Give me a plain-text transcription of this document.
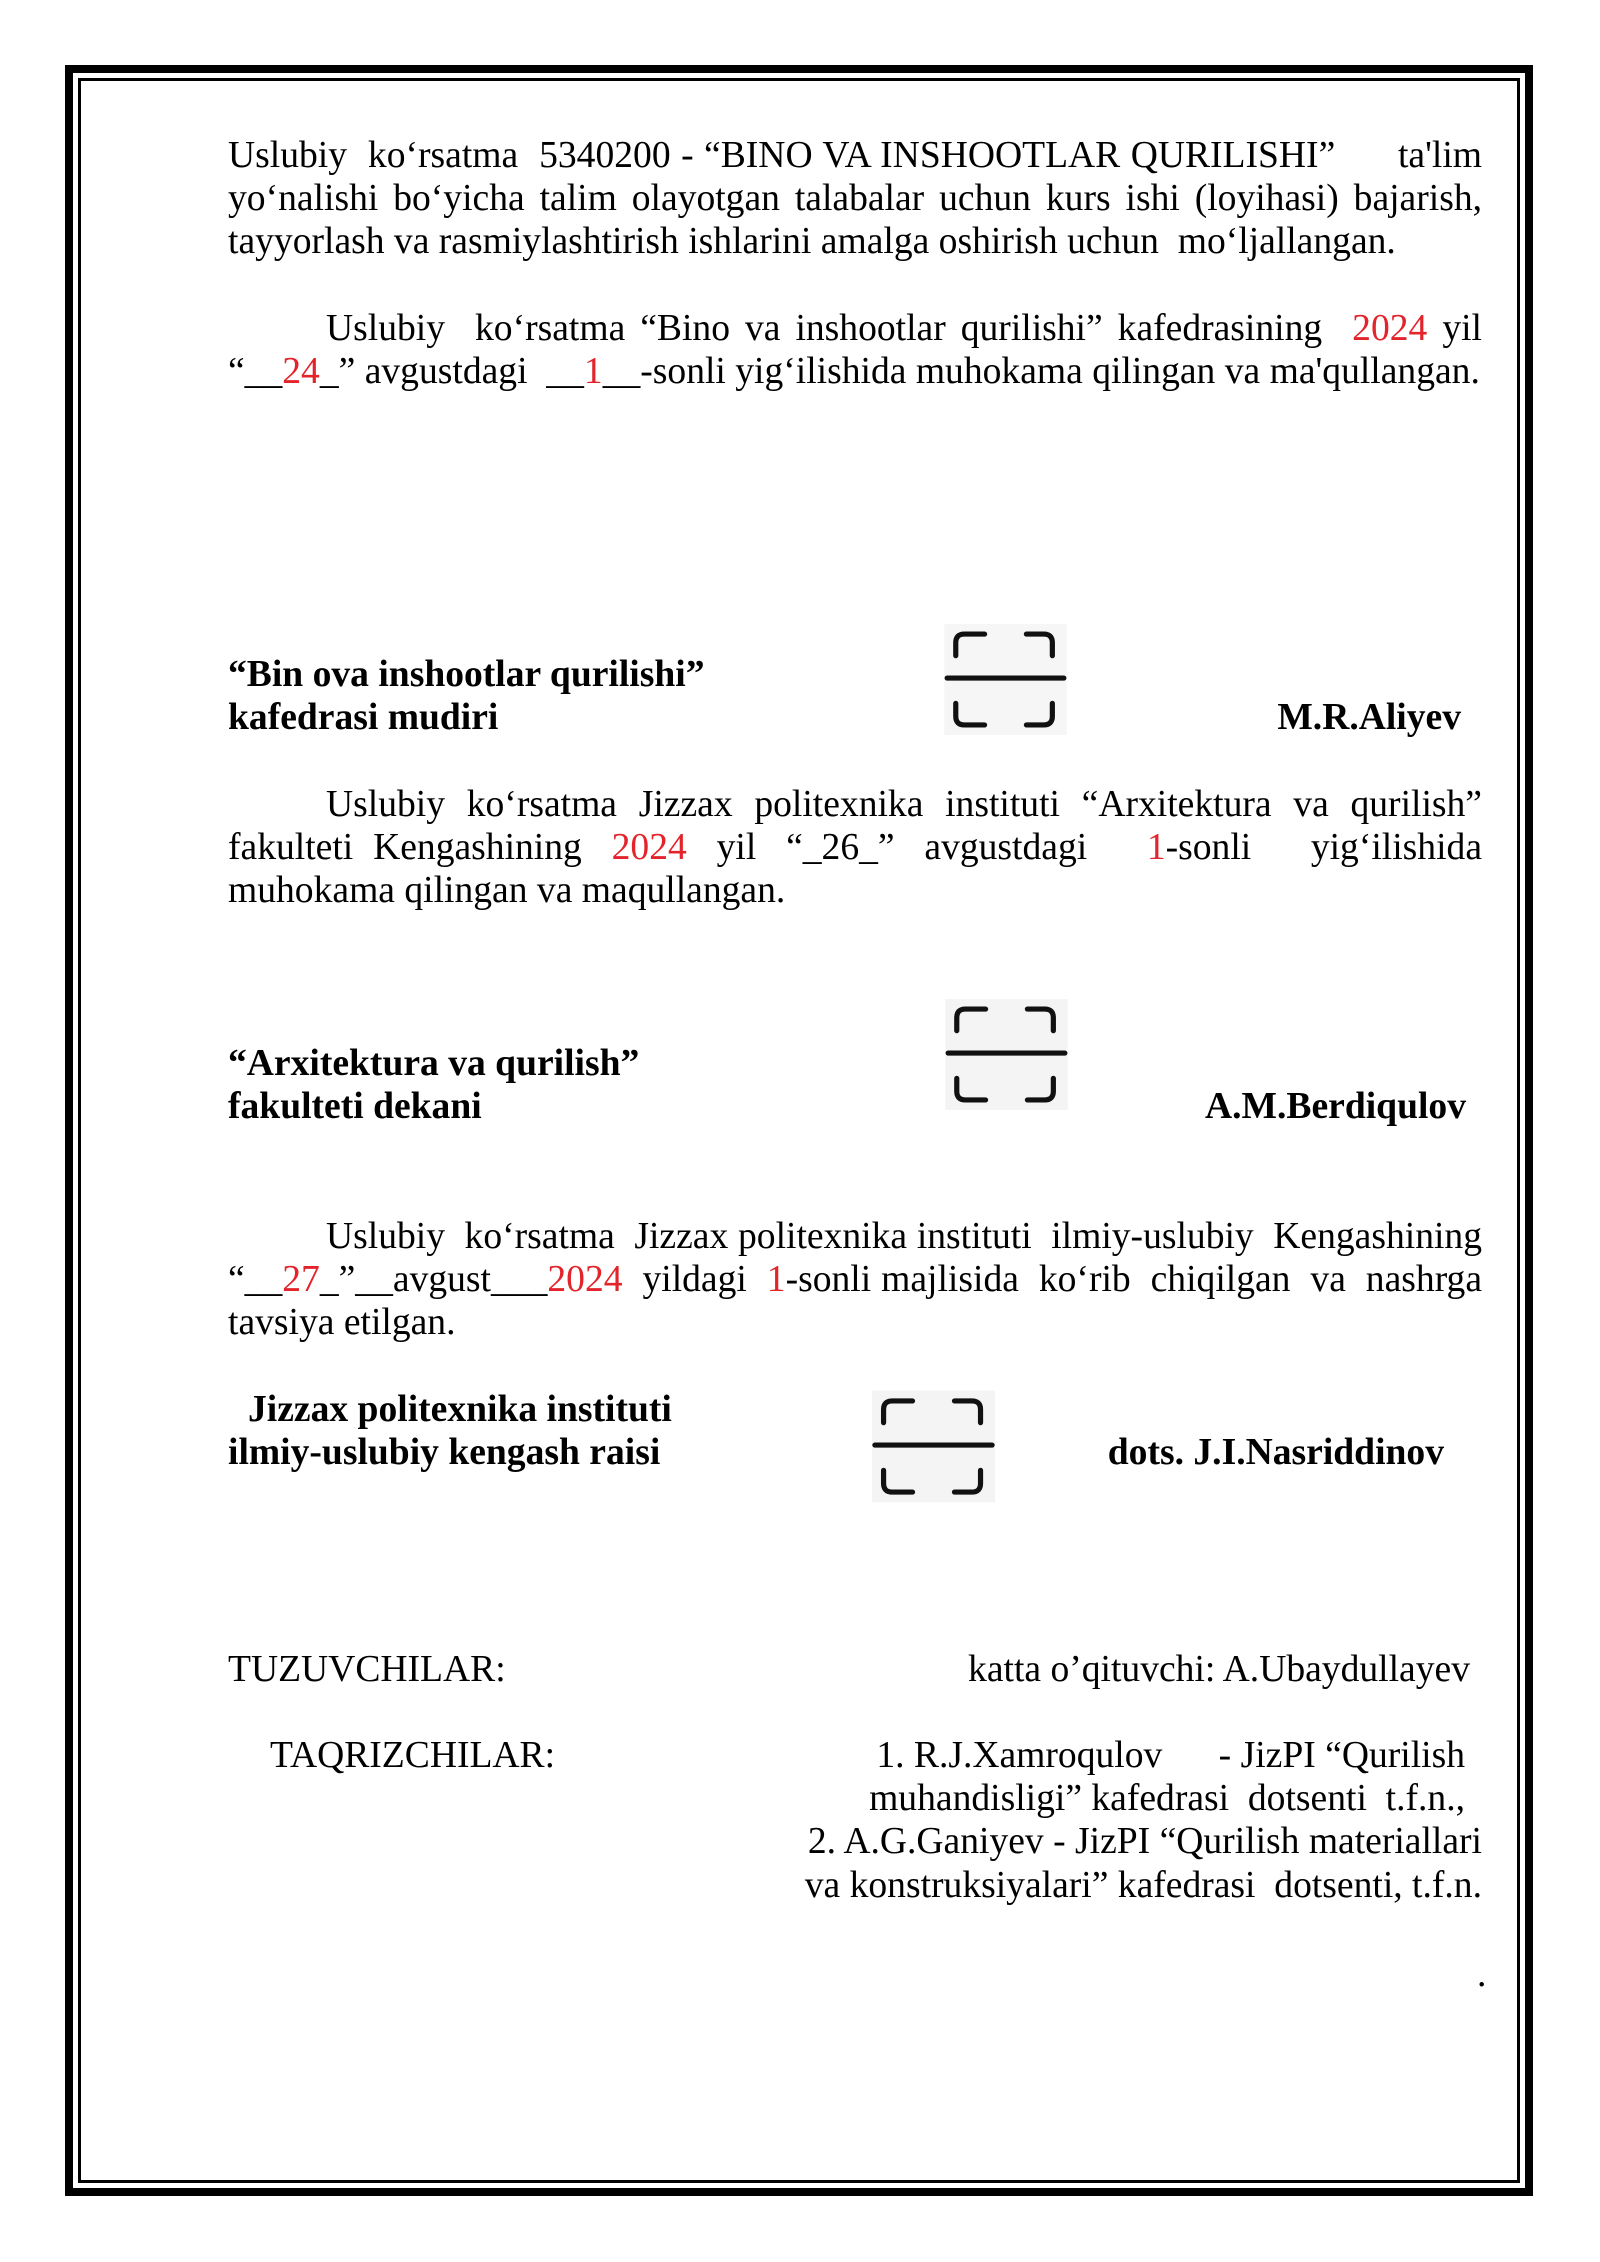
Uslubiy  ko‘rsatma  5340200 - “BINO VA INSHOOTLAR QURILISHI”      ta'lim
yo‘nalishi bo‘yicha talim olayotgan talabalar uchun kurs ishi (loyihasi) bajarish,
tayyorlash va rasmiylashtirish ishlarini amalga oshirish uchun  mo‘ljallangan.
Uslubiy  ko‘rsatma “Bino va inshootlar qurilishi” kafedrasining  2024 yil
“__24_” avgustdagi  __1__-sonli yig‘ilishida muhokama qilingan va ma'qullangan.
“Bin ova inshootlar qurilishi”
kafedrasi mudiri	M.R.Aliyev
Uslubiy  ko‘rsatma  Jizzax  politexnika  instituti  “Arxitektura  va  qurilish”
fakulteti  Kengashining   2024   yil   “_26_”   avgustdagi      1-sonli      yig‘ilishida
muhokama qilingan va maqullangan.
“Arxitektura va qurilish”
fakulteti dekani	A.M.Berdiqulov
Uslubiy  ko‘rsatma  Jizzax politexnika instituti  ilmiy-uslubiy  Kengashining
“__27_”__avgust___2024  yildagi  1-sonli majlisida  ko‘rib  chiqilgan  va  nashrga
tavsiya etilgan.
Jizzax politexnika instituti
ilmiy-uslubiy kengash raisi	dots. J.I.Nasriddinov
TUZUVCHILAR:	katta o’qituvchi: A.Ubaydullayev
TAQRIZCHILAR:	1. R.J.Xamroqulov      - JizPI “Qurilish
muhandisligi” kafedrasi  dotsenti  t.f.n.,
2. A.G.Ganiyev - JizPI “Qurilish materiallari
va konstruksiyalari” kafedrasi  dotsenti, t.f.n.
.
